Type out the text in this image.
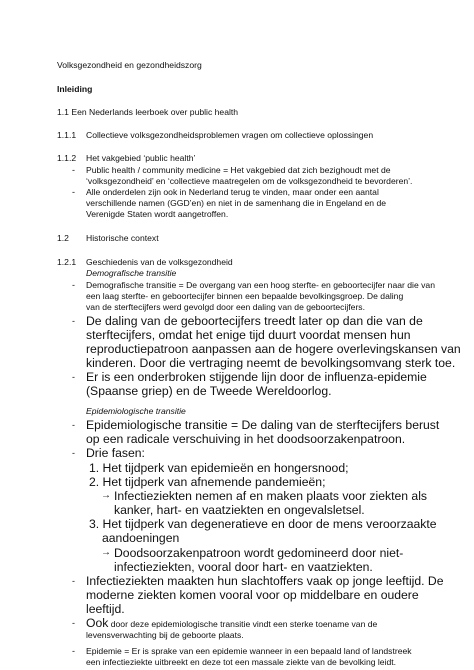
Volksgezondheid en gezondheidszorg
Inleiding
1.1 Een Nederlands leerboek over public health
1.1.1 Collectieve volksgezondheidsproblemen vragen om collectieve oplossingen
1.1.2 Het vakgebied ‘public health’
- Public health / community medicine = Het vakgebied dat zich bezighoudt met de
‘volksgezondheid’ en ‘collectieve maatregelen om de volksgezondheid te bevorderen’.
- Alle onderdelen zijn ook in Nederland terug te vinden, maar onder een aantal
verschillende namen (GGD’en) en niet in de samenhang die in Engeland en de
Verenigde Staten wordt aangetroffen.
1.2 Historische context
1.2.1 Geschiedenis van de volksgezondheid
Demografische transitie
- Demografische transitie = De overgang van een hoog sterfte- en geboortecijfer naar die van
een laag sterfte- en geboortecijfer binnen een bepaalde bevolkingsgroep. De daling
van de sterftecijfers werd gevolgd door een daling van de geboortecijfers.
- De daling van de geboortecijfers treedt later op dan die van de
sterftecijfers, omdat het enige tijd duurt voordat mensen hun
reproductiepatroon aanpassen aan de hogere overlevingskansen van
kinderen. Door die vertraging neemt de bevolkingsomvang sterk toe.
- Er is een onderbroken stijgende lijn door de influenza-epidemie
(Spaanse griep) en de Tweede Wereldoorlog.
Epidemiologische transitie
- Epidemiologische transitie = De daling van de sterftecijfers berust
op een radicale verschuiving in het doodsoorzakenpatroon.
- Drie fasen:
1. Het tijdperk van epidemieën en hongersnood;
2. Het tijdperk van afnemende pandemieën;
→ Infectieziekten nemen af en maken plaats voor ziekten als
kanker, hart- en vaatziekten en ongevalsletsel.
3. Het tijdperk van degeneratieve en door de mens veroorzaakte
aandoeningen
→ Doodsoorzakenpatroon wordt gedomineerd door niet-
infectieziekten, vooral door hart- en vaatziekten.
- Infectieziekten maakten hun slachtoffers vaak op jonge leeftijd. De
moderne ziekten komen vooral voor op middelbare en oudere
leeftijd.
- Ook door deze epidemiologische transitie vindt een sterke toename van de
levensverwachting bij de geboorte plaats.
- Epidemie = Er is sprake van een epidemie wanneer in een bepaald land of landstreek
een infectieziekte uitbreekt en deze tot een massale ziekte van de bevolking leidt.
